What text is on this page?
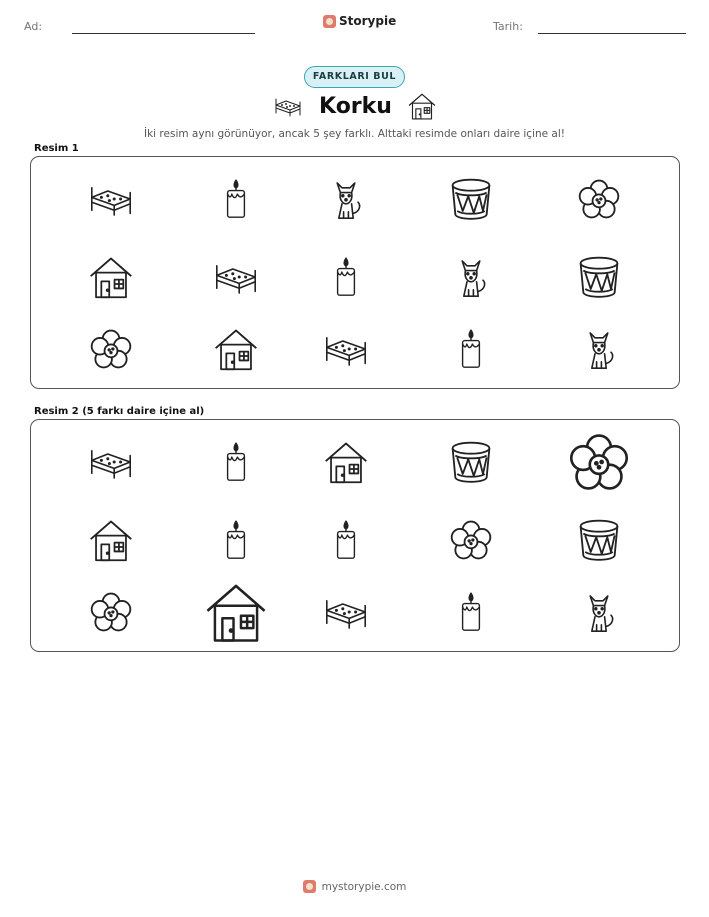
Ad:	Storypie	Tarih:
FARKLARI BUL
Korku
İki resim aynı görünüyor, ancak 5 şey farklı. Alttaki resimde onları daire içine al!
Resim 1
Resim 2 (5 farkı daire içine al)
mystorypie.com
